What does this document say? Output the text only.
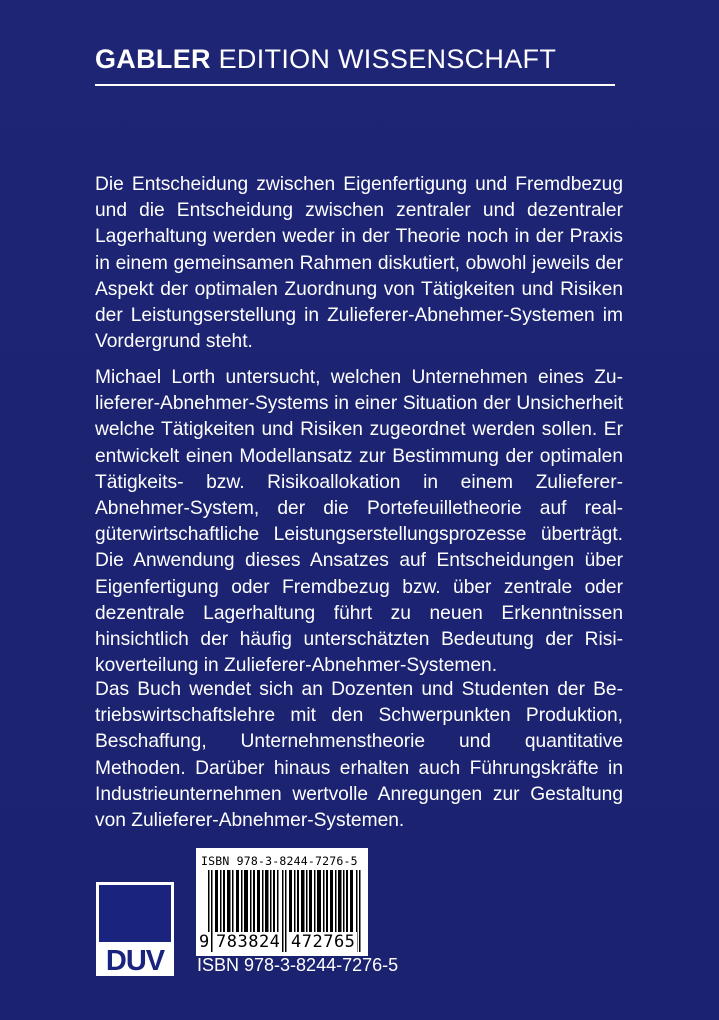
GABLER EDITION WISSENSCHAFT

Die Entscheidung zwischen Eigenfertigung und Fremdbezug und die Entscheidung zwischen zentraler und dezentraler Lagerhaltung werden weder in der Theorie noch in der Praxis in einem gemeinsamen Rahmen diskutiert, obwohl jeweils der Aspekt der optimalen Zuordnung von Tätigkeiten und Risiken der Leistungserstellung in Zulieferer-Abnehmer-Systemen im Vordergrund steht.

Michael Lorth untersucht, welchen Unternehmen eines Zulieferer-Abnehmer-Systems in einer Situation der Unsicherheit welche Tätigkeiten und Risiken zugeordnet werden sollen. Er entwickelt einen Modellansatz zur Bestimmung der optimalen Tätigkeits- bzw. Risikoallokation in einem Zulieferer-Abnehmer-System, der die Portefeuilletheorie auf realgüterwirtschaftliche Leistungserstellungsprozesse überträgt. Die Anwendung dieses Ansatzes auf Entscheidungen über Eigenfertigung oder Fremdbezug bzw. über zentrale oder dezentrale Lagerhaltung führt zu neuen Erkenntnissen hinsichtlich der häufig unterschätzten Bedeutung der Risikoverteilung in Zulieferer-Abnehmer-Systemen.

Das Buch wendet sich an Dozenten und Studenten der Betriebswirtschaftslehre mit den Schwerpunkten Produktion, Beschaffung, Unternehmenstheorie und quantitative Methoden. Darüber hinaus erhalten auch Führungskräfte in Industrieunternehmen wertvolle Anregungen zur Gestaltung von Zulieferer-Abnehmer-Systemen.

DUV
ISBN 978-3-8244-7276-5
9 783824 472765
ISBN 978-3-8244-7276-5
